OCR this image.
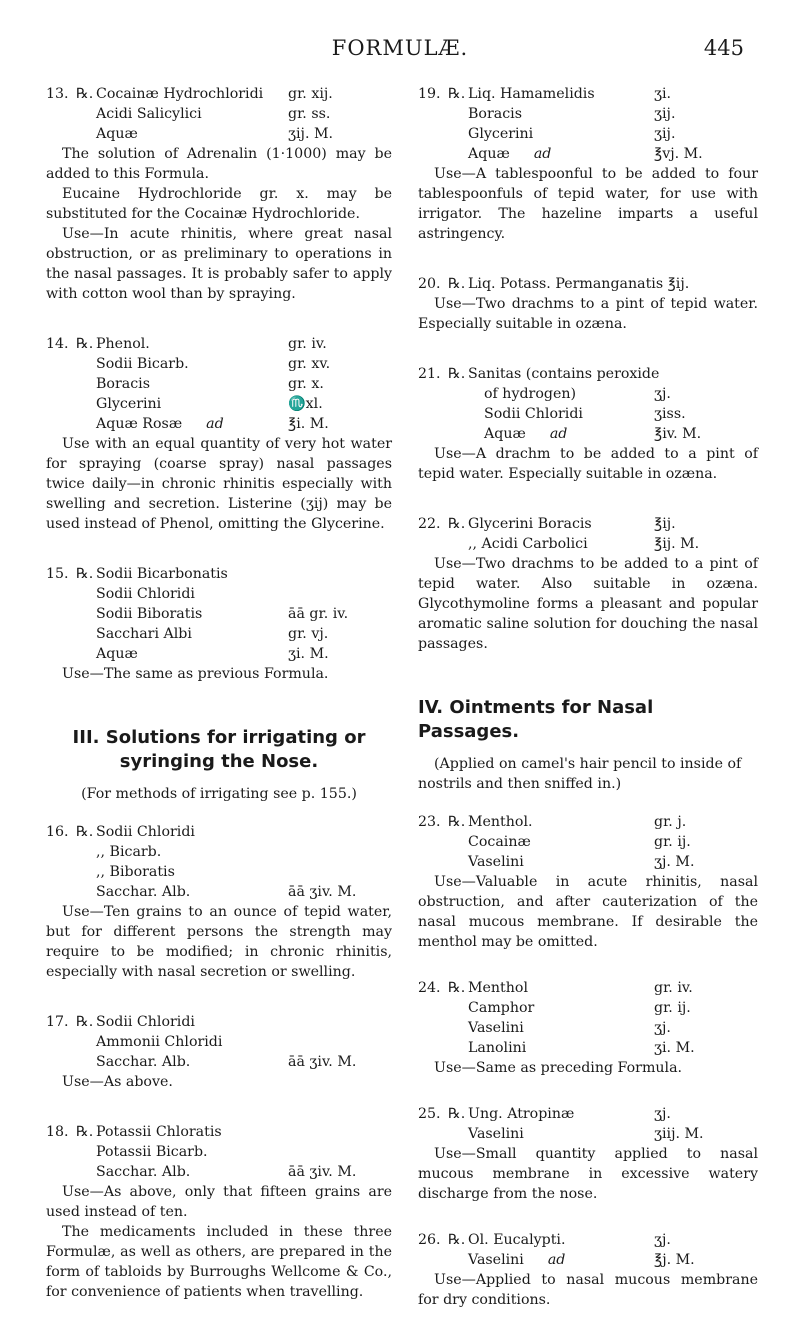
FORMULÆ.	445
13. ℞. Cocainæ Hydrochloridi	gr. xij.
Acidi Salicylici	gr. ss.
Aquæ	ʒij. M.
The solution of Adrenalin (1·1000) may be added to this Formula.
Eucaine Hydrochloride gr. x. may be substituted for the Cocainæ Hydrochloride.
Use—In acute rhinitis, where great nasal obstruction, or as preliminary to operations in the nasal passages. It is probably safer to apply with cotton wool than by spraying.
14. ℞. Phenol.	gr. iv.
Sodii Bicarb.	gr. xv.
Boracis	gr. x.
Glycerini	♏xl.
Aquæ Rosæ ad	℥i. M.
Use with an equal quantity of very hot water for spraying (coarse spray) nasal passages twice daily—in chronic rhinitis especially with swelling and secretion. Listerine (ʒij) may be used instead of Phenol, omitting the Glycerine.
15. ℞. Sodii Bicarbonatis
Sodii Chloridi
Sodii Biboratis	āā gr. iv.
Sacchari Albi	gr. vj.
Aquæ	ʒi. M.
Use—The same as previous Formula.
III. Solutions for irrigating or
syringing the Nose.
(For methods of irrigating see p. 155.)
16. ℞. Sodii Chloridi
,, Bicarb.
,, Biboratis
Sacchar. Alb.	āā ʒiv. M.
Use—Ten grains to an ounce of tepid water, but for different persons the strength may require to be modified; in chronic rhinitis, especially with nasal secretion or swelling.
17. ℞. Sodii Chloridi
Ammonii Chloridi
Sacchar. Alb.	āā ʒiv. M.
Use—As above.
18. ℞. Potassii Chloratis
Potassii Bicarb.
Sacchar. Alb.	āā ʒiv. M.
Use—As above, only that fifteen grains are used instead of ten.
The medicaments included in these three Formulæ, as well as others, are prepared in the form of tabloids by Burroughs Wellcome & Co., for convenience of patients when travelling.
19. ℞. Liq. Hamamelidis	ʒi.
Boracis	ʒij.
Glycerini	ʒij.
Aquæ ad	℥vj. M.
Use—A tablespoonful to be added to four tablespoonfuls of tepid water, for use with irrigator. The hazeline imparts a useful astringency.
20. ℞. Liq. Potass. Permanganatis ℥ij.
Use—Two drachms to a pint of tepid water. Especially suitable in ozæna.
21. ℞. Sanitas (contains peroxide
of hydrogen)	ʒj.
Sodii Chloridi	ʒiss.
Aquæ ad	℥iv. M.
Use—A drachm to be added to a pint of tepid water. Especially suitable in ozæna.
22. ℞. Glycerini Boracis	℥ij.
,, Acidi Carbolici	℥ij. M.
Use—Two drachms to be added to a pint of tepid water. Also suitable in ozæna. Glycothymoline forms a pleasant and popular aromatic saline solution for douching the nasal passages.
IV. Ointments for Nasal Passages.
(Applied on camel's hair pencil to inside of nostrils and then sniffed in.)
23. ℞. Menthol.	gr. j.
Cocainæ	gr. ij.
Vaselini	ʒj. M.
Use—Valuable in acute rhinitis, nasal obstruction, and after cauterization of the nasal mucous membrane. If desirable the menthol may be omitted.
24. ℞. Menthol	gr. iv.
Camphor	gr. ij.
Vaselini	ʒj.
Lanolini	ʒi. M.
Use—Same as preceding Formula.
25. ℞. Ung. Atropinæ	ʒj.
Vaselini	ʒiij. M.
Use—Small quantity applied to nasal mucous membrane in excessive watery discharge from the nose.
26. ℞. Ol. Eucalypti.	ʒj.
Vaselini ad	℥j. M.
Use—Applied to nasal mucous membrane for dry conditions.
